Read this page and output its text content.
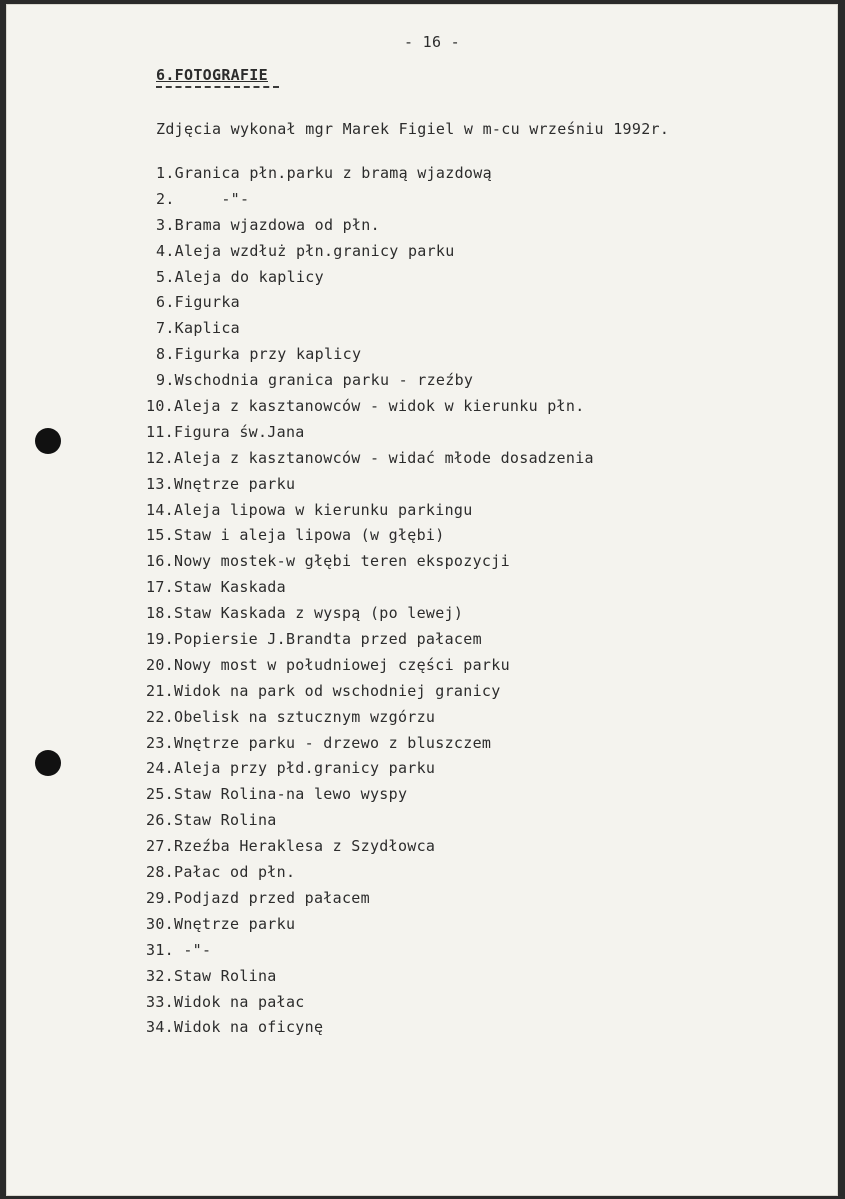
- 16 -
6.FOTOGRAFIE
Zdjęcia wykonał mgr Marek Figiel w m-cu wrześniu 1992r.
1. Granica płn.parku z bramą wjazdową
2. -"-
3. Brama wjazdowa od płn.
4. Aleja wzdłuż płn.granicy parku
5. Aleja do kaplicy
6. Figurka
7. Kaplica
8. Figurka przy kaplicy
9. Wschodnia granica parku - rzeźby
10. Aleja z kasztanowców - widok w kierunku płn.
11. Figura św.Jana
12. Aleja z kasztanowców - widać młode dosadzenia
13. Wnętrze parku
14. Aleja lipowa w kierunku parkingu
15. Staw i aleja lipowa (w głębi)
16. Nowy mostek-w głębi teren ekspozycji
17. Staw Kaskada
18. Staw Kaskada z wyspą (po lewej)
19. Popiersie J.Brandta przed pałacem
20. Nowy most w południowej części parku
21. Widok na park od wschodniej granicy
22. Obelisk na sztucznym wzgórzu
23. Wnętrze parku - drzewo z bluszczem
24. Aleja przy płd.granicy parku
25. Staw Rolina-na lewo wyspy
26. Staw Rolina
27. Rzeźba Heraklesa z Szydłowca
28. Pałac od płn.
29. Podjazd przed pałacem
30. Wnętrze parku
31. -"-
32. Staw Rolina
33. Widok na pałac
34. Widok na oficynę
